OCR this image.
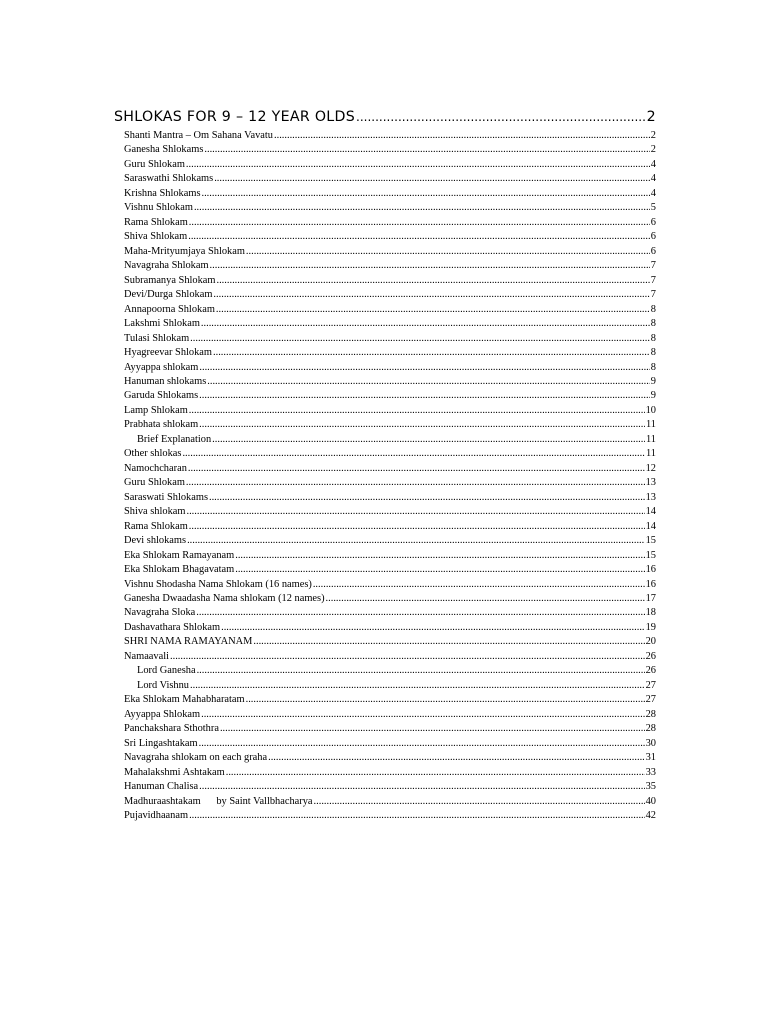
SHLOKAS FOR 9 – 12 YEAR OLDS .....	2
Shanti Mantra – Om Sahana Vavatu .....	2
Ganesha Shlokams .....	2
Guru Shlokam .....	4
Saraswathi Shlokams .....	4
Krishna Shlokams .....	4
Vishnu Shlokam .....	5
Rama Shlokam .....	6
Shiva Shlokam .....	6
Maha-Mrityumjaya Shlokam .....	6
Navagraha Shlokam .....	7
Subramanya Shlokam .....	7
Devi/Durga Shlokam .....	7
Annapoorna Shlokam .....	8
Lakshmi Shlokam .....	8
Tulasi Shlokam .....	8
Hyagreevar Shlokam .....	8
Ayyappa shlokam .....	8
Hanuman shlokams .....	9
Garuda Shlokams .....	9
Lamp Shlokam .....	10
Prabhata shlokam .....	11
Brief Explanation .....	11
Other shlokas .....	11
Namochcharan .....	12
Guru Shlokam .....	13
Saraswati Shlokams .....	13
Shiva shlokam .....	14
Rama Shlokam .....	14
Devi shlokams .....	15
Eka Shlokam Ramayanam .....	15
Eka Shlokam Bhagavatam .....	16
Vishnu Shodasha Nama Shlokam (16 names) .....	16
Ganesha Dwaadasha Nama shlokam (12 names) .....	17
Navagraha Sloka .....	18
Dashavathara Shlokam .....	19
SHRI NAMA RAMAYANAM .....	20
Namaavali .....	26
Lord Ganesha .....	26
Lord Vishnu .....	27
Eka Shlokam Mahabharatam .....	27
Ayyappa Shlokam .....	28
Panchakshara Sthothra .....	28
Sri Lingashtakam .....	30
Navagraha shlokam on each graha .....	31
Mahalakshmi Ashtakam .....	33
Hanuman Chalisa .....	35
Madhuraashtakam      by Saint Vallbhacharya .....	40
Pujavidhaanam .....	42
